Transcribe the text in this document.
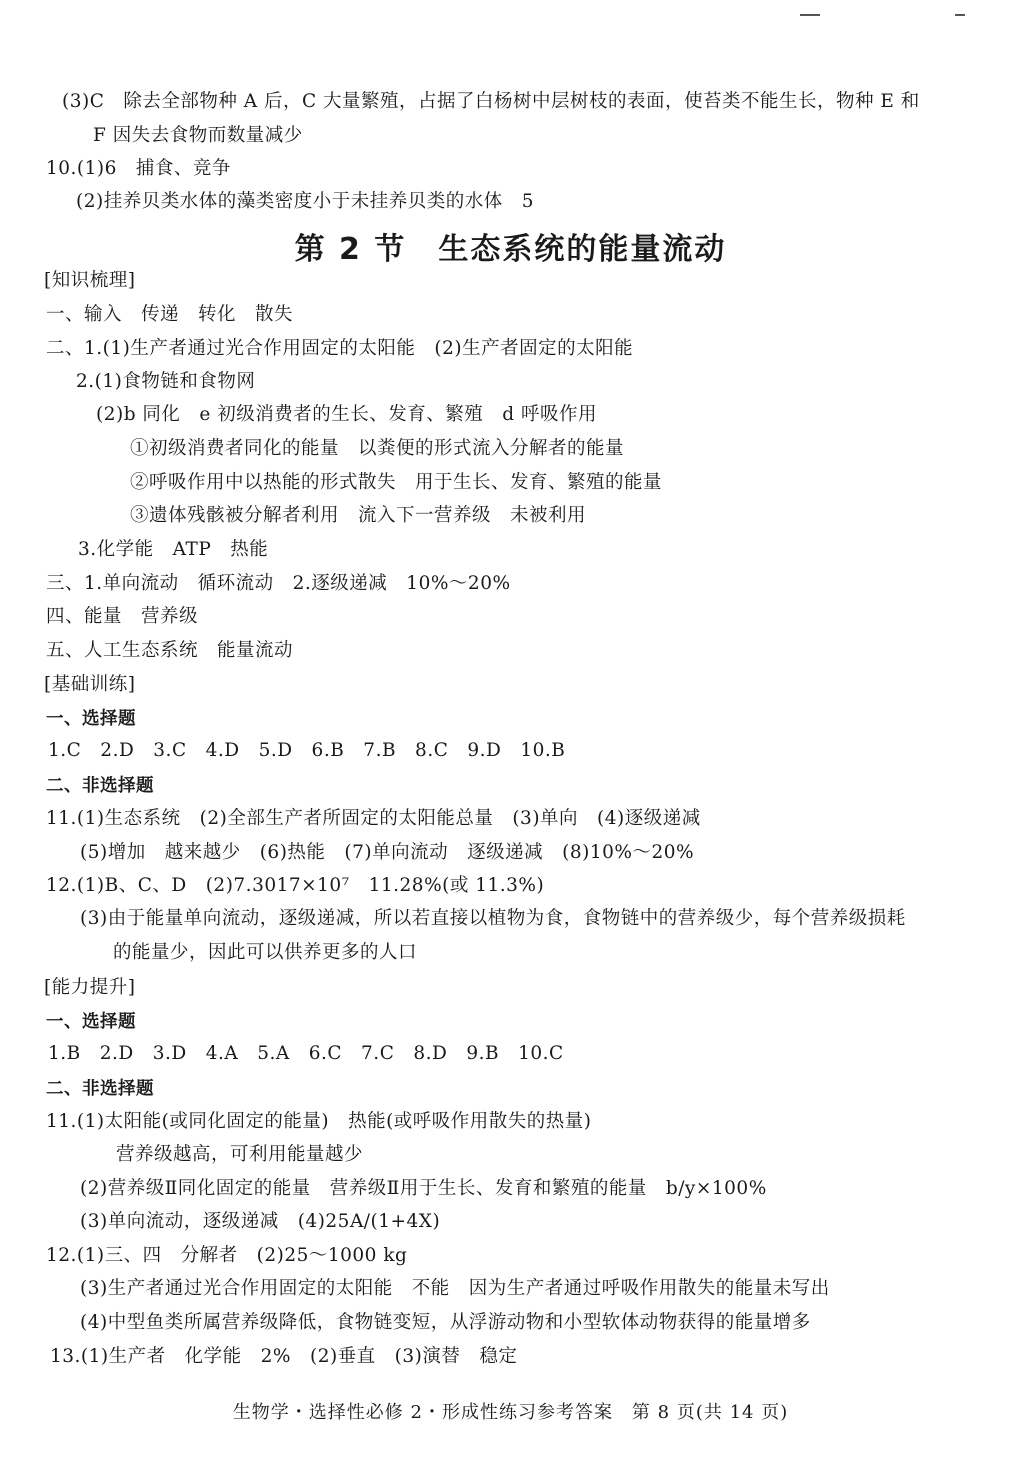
(3)C　除去全部物种 A 后，C 大量繁殖，占据了白杨树中层树枝的表面，使苔类不能生长，物种 E 和
F 因失去食物而数量减少
10.(1)6　捕食、竞争
(2)挂养贝类水体的藻类密度小于未挂养贝类的水体　5
第 2 节　生态系统的能量流动
[知识梳理]
一、输入　传递　转化　散失
二、1.(1)生产者通过光合作用固定的太阳能　(2)生产者固定的太阳能
2.(1)食物链和食物网
(2)b 同化　e 初级消费者的生长、发育、繁殖　d 呼吸作用
①初级消费者同化的能量　以粪便的形式流入分解者的能量
②呼吸作用中以热能的形式散失　用于生长、发育、繁殖的能量
③遗体残骸被分解者利用　流入下一营养级　未被利用
3.化学能　ATP　热能
三、1.单向流动　循环流动　2.逐级递减　10%～20%
四、能量　营养级
五、人工生态系统　能量流动
[基础训练]
一、选择题
1.C　2.D　3.C　4.D　5.D　6.B　7.B　8.C　9.D　10.B
二、非选择题
11.(1)生态系统　(2)全部生产者所固定的太阳能总量　(3)单向　(4)逐级递减
(5)增加　越来越少　(6)热能　(7)单向流动　逐级递减　(8)10%～20%
12.(1)B、C、D　(2)7.3017×10⁷　11.28%(或 11.3%)
(3)由于能量单向流动，逐级递减，所以若直接以植物为食，食物链中的营养级少，每个营养级损耗
的能量少，因此可以供养更多的人口
[能力提升]
一、选择题
1.B　2.D　3.D　4.A　5.A　6.C　7.C　8.D　9.B　10.C
二、非选择题
11.(1)太阳能(或同化固定的能量)　热能(或呼吸作用散失的热量)
营养级越高，可利用能量越少
(2)营养级Ⅱ同化固定的能量　营养级Ⅱ用于生长、发育和繁殖的能量　b/y×100%
(3)单向流动，逐级递减　(4)25A/(1+4X)
12.(1)三、四　分解者　(2)25～1000 kg
(3)生产者通过光合作用固定的太阳能　不能　因为生产者通过呼吸作用散失的能量未写出
(4)中型鱼类所属营养级降低，食物链变短，从浮游动物和小型软体动物获得的能量增多
13.(1)生产者　化学能　2%　(2)垂直　(3)演替　稳定
生物学・选择性必修 2・形成性练习参考答案　第 8 页(共 14 页)
